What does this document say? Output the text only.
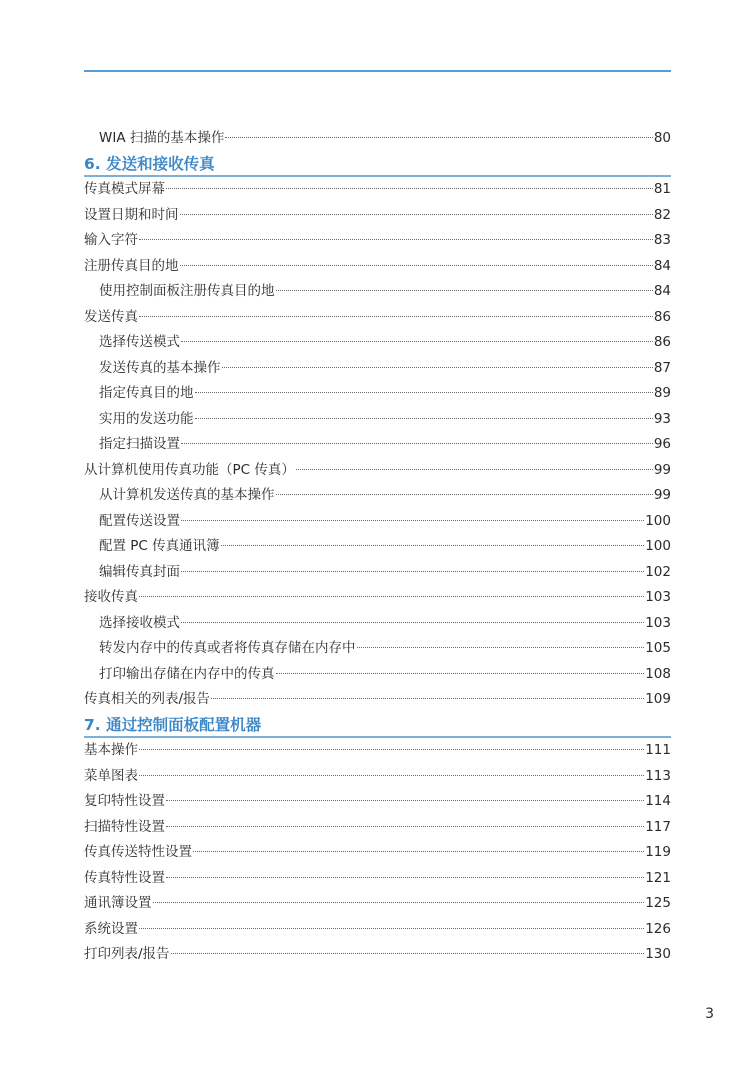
WIA 扫描的基本操作	80
6. 发送和接收传真
传真模式屏幕	81
设置日期和时间	82
输入字符	83
注册传真目的地	84
使用控制面板注册传真目的地	84
发送传真	86
选择传送模式	86
发送传真的基本操作	87
指定传真目的地	89
实用的发送功能	93
指定扫描设置	96
从计算机使用传真功能（PC 传真）	99
从计算机发送传真的基本操作	99
配置传送设置	100
配置 PC 传真通讯簿	100
编辑传真封面	102
接收传真	103
选择接收模式	103
转发内存中的传真或者将传真存储在内存中	105
打印输出存储在内存中的传真	108
传真相关的列表/报告	109
7. 通过控制面板配置机器
基本操作	111
菜单图表	113
复印特性设置	114
扫描特性设置	117
传真传送特性设置	119
传真特性设置	121
通讯簿设置	125
系统设置	126
打印列表/报告	130
3
